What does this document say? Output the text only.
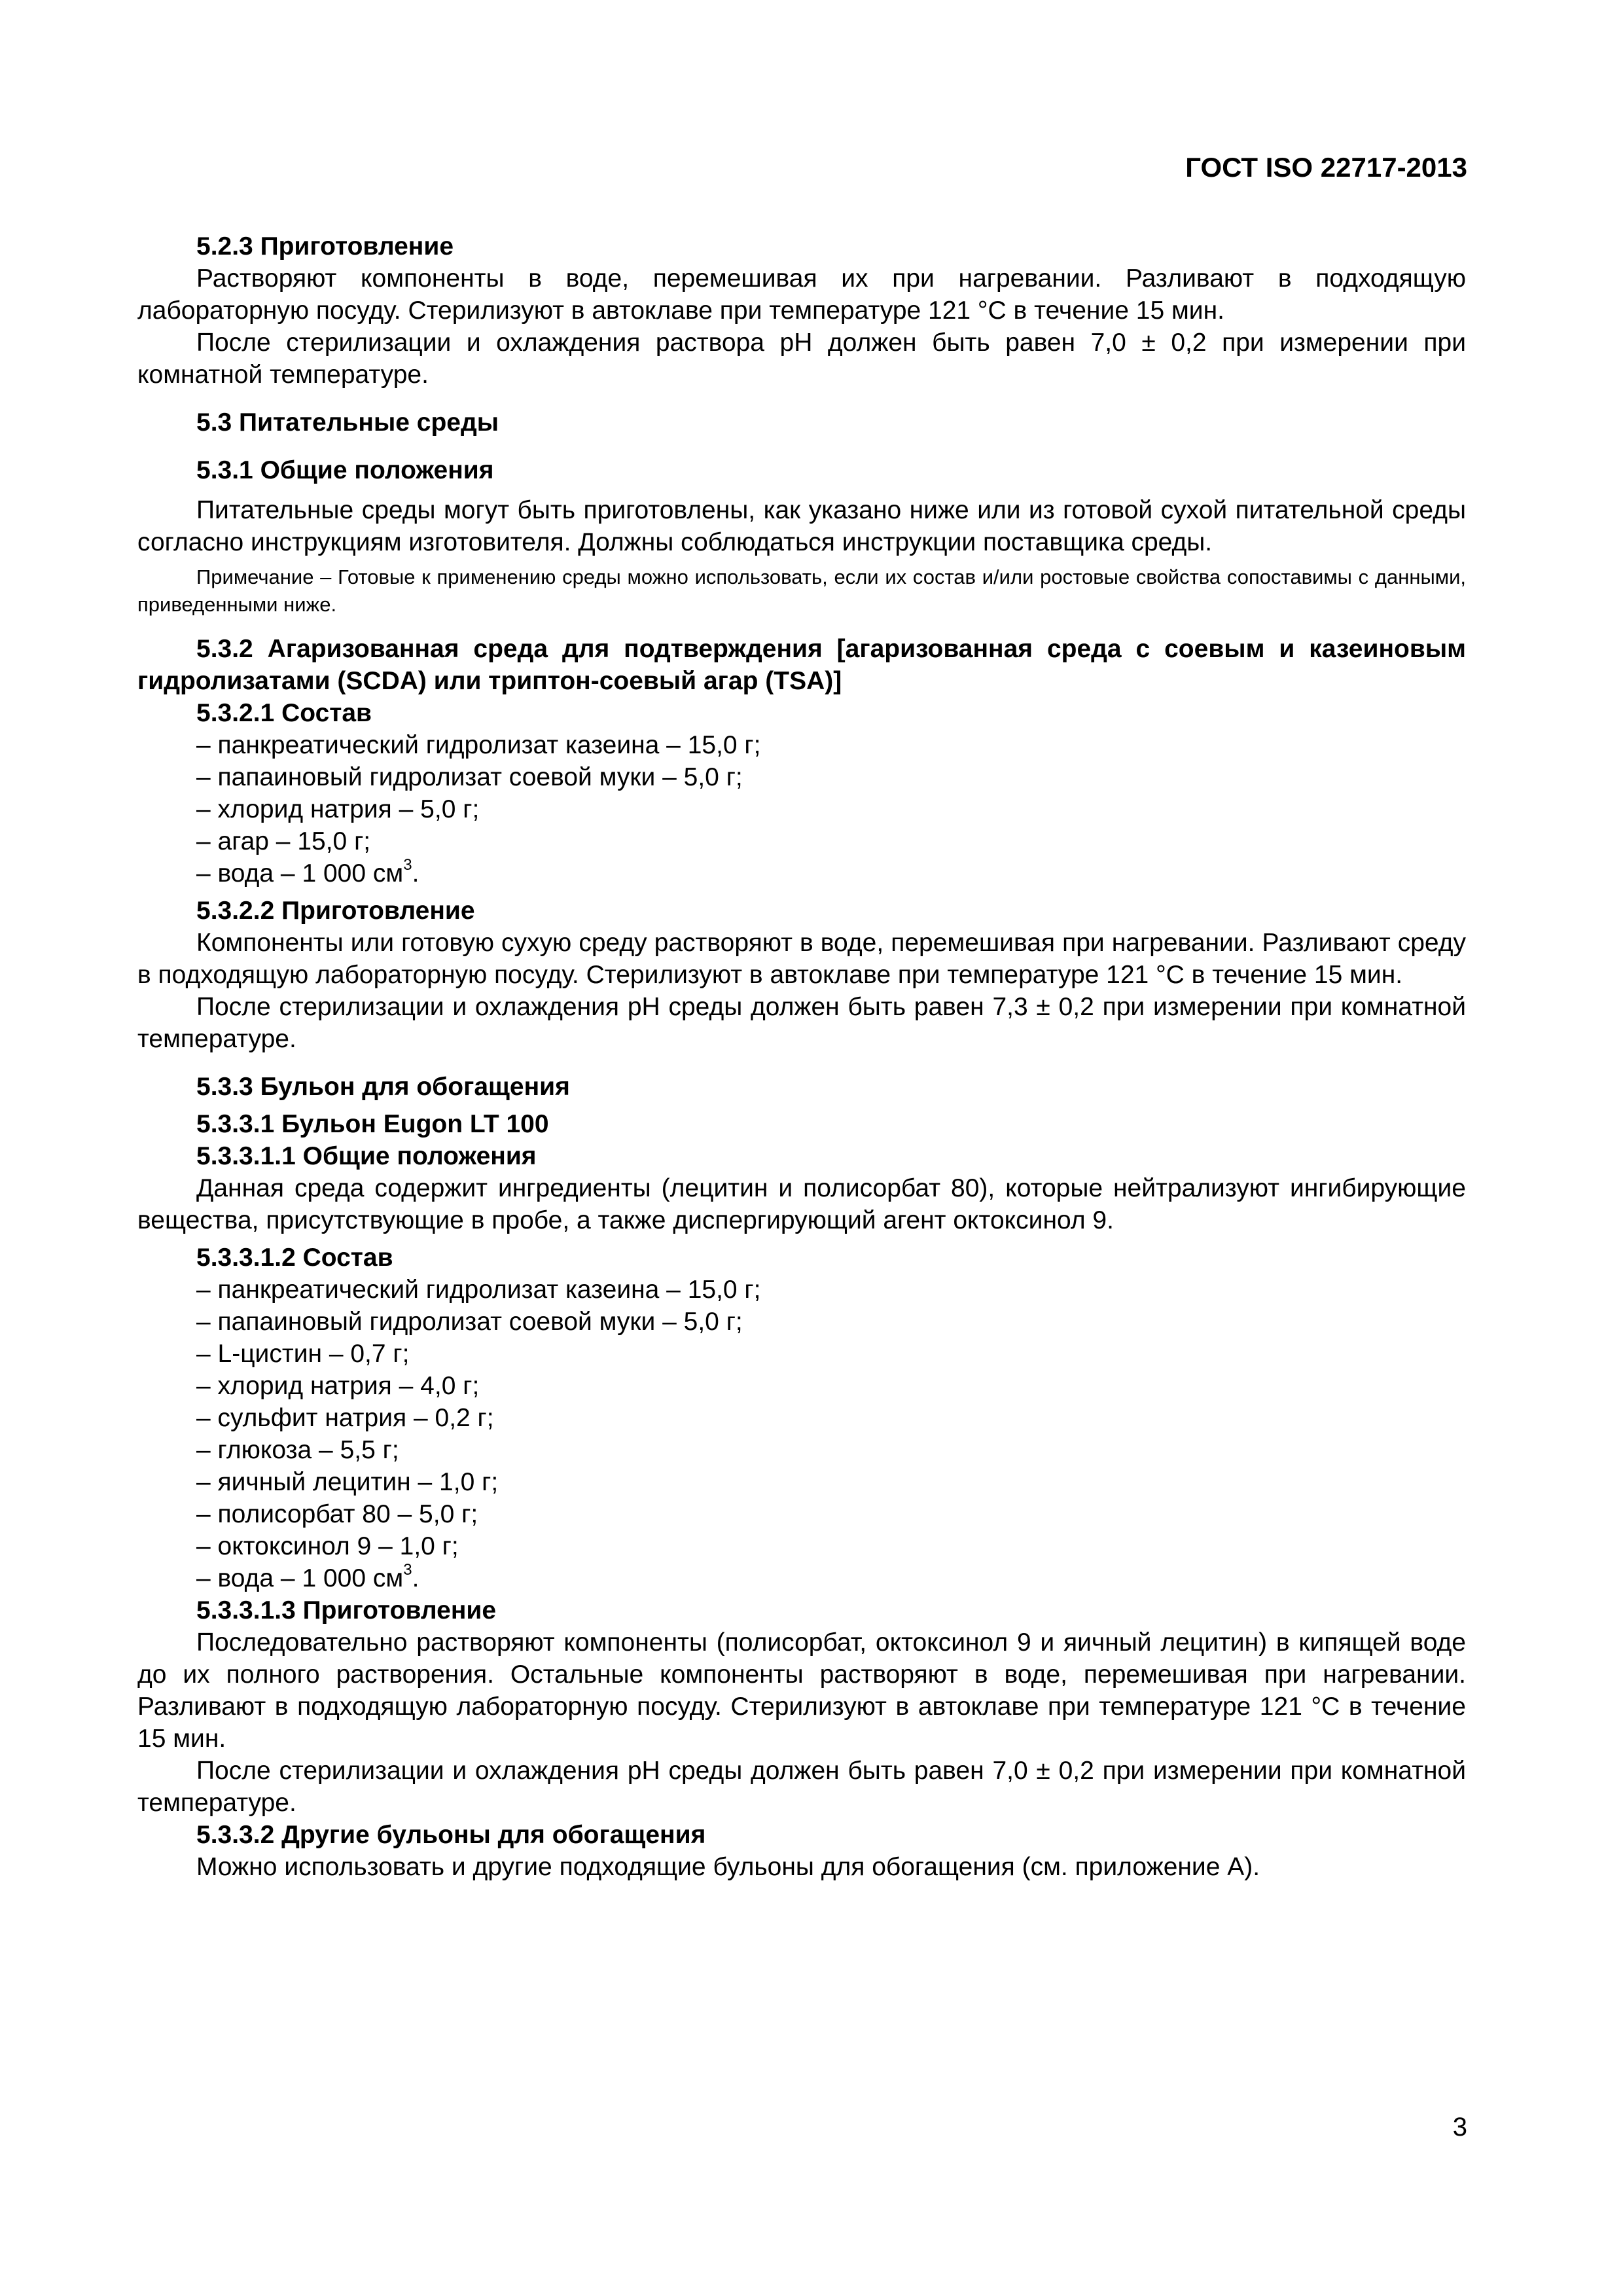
ГОСТ ISO 22717-2013
5.2.3 Приготовление
Растворяют компоненты в воде, перемешивая их при нагревании. Разливают в подходящую лабораторную посуду. Стерилизуют в автоклаве при температуре 121 °С в течение 15 мин.
После стерилизации и охлаждения раствора рН должен быть равен 7,0 ± 0,2 при измерении при комнатной температуре.
5.3 Питательные среды
5.3.1 Общие положения
Питательные среды могут быть приготовлены, как указано ниже или из готовой сухой питательной среды согласно инструкциям изготовителя. Должны соблюдаться инструкции поставщика среды.
Примечание – Готовые к применению среды можно использовать, если их состав и/или ростовые свойства сопоставимы с данными, приведенными ниже.
5.3.2 Агаризованная среда для подтверждения [агаризованная среда с соевым и казеиновым гидролизатами (SCDA) или триптон-соевый агар (TSA)]
5.3.2.1 Состав
– панкреатический гидролизат казеина – 15,0 г;
– папаиновый гидролизат соевой муки – 5,0 г;
– хлорид натрия – 5,0 г;
– агар – 15,0 г;
– вода – 1 000 $см^3$.
5.3.2.2 Приготовление
Компоненты или готовую сухую среду растворяют в воде, перемешивая при нагревании. Разливают среду в подходящую лабораторную посуду. Стерилизуют в автоклаве при температуре 121 °С в течение 15 мин.
После стерилизации и охлаждения рН среды должен быть равен 7,3 ± 0,2 при измерении при комнатной температуре.
5.3.3 Бульон для обогащения
5.3.3.1 Бульон Eugon LT 100
5.3.3.1.1 Общие положения
Данная среда содержит ингредиенты (лецитин и полисорбат 80), которые нейтрализуют ингибирующие вещества, присутствующие в пробе, а также диспергирующий агент октоксинол 9.
5.3.3.1.2 Состав
– панкреатический гидролизат казеина – 15,0 г;
– папаиновый гидролизат соевой муки – 5,0 г;
– L-цистин – 0,7 г;
– хлорид натрия – 4,0 г;
– сульфит натрия – 0,2 г;
– глюкоза – 5,5 г;
– яичный лецитин – 1,0 г;
– полисорбат 80 – 5,0 г;
– октоксинол 9 – 1,0 г;
– вода – 1 000 $см^3$.
5.3.3.1.3 Приготовление
Последовательно растворяют компоненты (полисорбат, октоксинол 9 и яичный лецитин) в кипящей воде до их полного растворения. Остальные компоненты растворяют в воде, перемешивая при нагревании. Разливают в подходящую лабораторную посуду. Стерилизуют в автоклаве при температуре 121 °С в течение 15 мин.
После стерилизации и охлаждения рН среды должен быть равен 7,0 ± 0,2 при измерении при комнатной температуре.
5.3.3.2 Другие бульоны для обогащения
Можно использовать и другие подходящие бульоны для обогащения (см. приложение А).
3
